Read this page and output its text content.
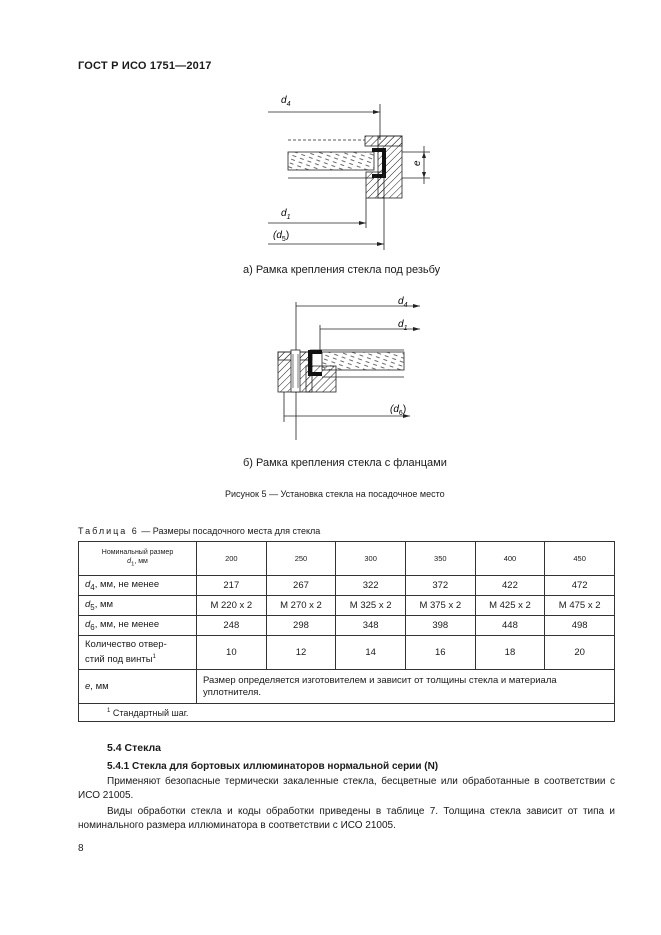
ГОСТ Р ИСО 1751—2017
$d_4$
e
$d_1$
$(d_5)$
а) Рамка крепления стекла под резьбу
$d_4$
$d_1$
$(d_6)$
б) Рамка крепления стекла с фланцами
Рисунок 5 — Установка стекла на посадочное место
Таблица 6 — Размеры посадочного места для стекла
Номинальный размер
$d_1$, мм	200	250	300	350	400	450
$d_4$, мм, не менее	217	267	322	372	422	472
$d_5$, мм	M 220 x 2	M 270 x 2	M 325 x 2	M 375 x 2	M 425 x 2	M 475 x 2
$d_6$, мм, не менее	248	298	348	398	448	498
Количество отвер-
стий под винты$^1$	10	12	14	16	18	20
e, мм	Размер определяется изготовителем и зависит от толщины стекла и материала уплотнителя.					
$^1$ Стандартный шаг.						
5.4 Стекла
5.4.1 Стекла для бортовых иллюминаторов нормальной серии (N)
Применяют безопасные термически закаленные стекла, бесцветные или обработанные в соответствии с ИСО 21005.
Виды обработки стекла и коды обработки приведены в таблице 7. Толщина стекла зависит от типа и номинального размера иллюминатора в соответствии с ИСО 21005.
8
